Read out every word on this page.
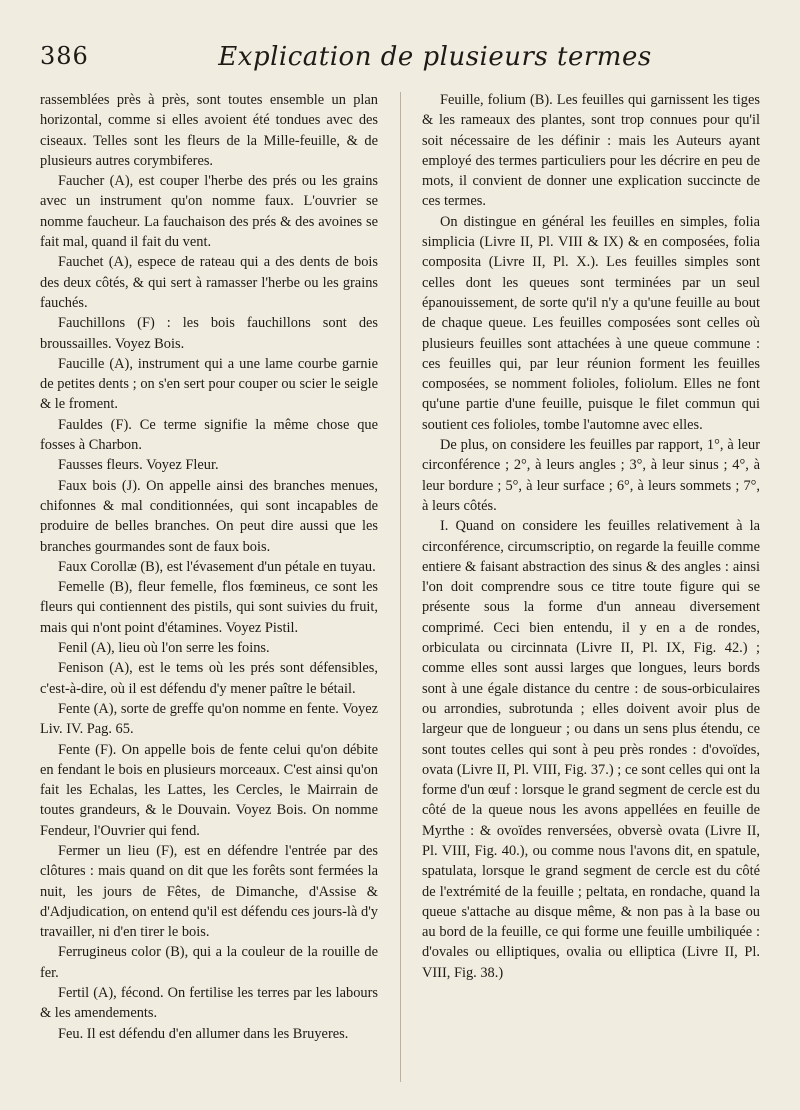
386	Explication de plusieurs termes

rassemblées près à près, sont toutes ensemble un plan horizontal, comme si elles avoient été tondues avec des ciseaux. Telles sont les fleurs de la Mille-feuille, & de plusieurs autres corymbiferes.

Faucher (A), est couper l'herbe des prés ou les grains avec un instrument qu'on nomme faux. L'ouvrier se nomme faucheur. La fauchaison des prés & des avoines se fait mal, quand il fait du vent.

Fauchet (A), espece de rateau qui a des dents de bois des deux côtés, & qui sert à ramasser l'herbe ou les grains fauchés.

Fauchillons (F) : les bois fauchillons sont des broussailles. Voyez Bois.

Faucille (A), instrument qui a une lame courbe garnie de petites dents ; on s'en sert pour couper ou scier le seigle & le froment.

Fauldes (F). Ce terme signifie la même chose que fosses à Charbon.

Fausses fleurs. Voyez Fleur.

Faux bois (J). On appelle ainsi des branches menues, chifonnes & mal conditionnées, qui sont incapables de produire de belles branches. On peut dire aussi que les branches gourmandes sont de faux bois.

Faux Corollæ (B), est l'évasement d'un pétale en tuyau.

Femelle (B), fleur femelle, flos fœmineus, ce sont les fleurs qui contiennent des pistils, qui sont suivies du fruit, mais qui n'ont point d'étamines. Voyez Pistil.

Fenil (A), lieu où l'on serre les foins.

Fenison (A), est le tems où les prés sont défensibles, c'est-à-dire, où il est défendu d'y mener paître le bétail.

Fente (A), sorte de greffe qu'on nomme en fente. Voyez Liv. IV. Pag. 65.

Fente (F). On appelle bois de fente celui qu'on débite en fendant le bois en plusieurs morceaux. C'est ainsi qu'on fait les Echalas, les Lattes, les Cercles, le Mairrain de toutes grandeurs, & le Douvain. Voyez Bois. On nomme Fendeur, l'Ouvrier qui fend.

Fermer un lieu (F), est en défendre l'entrée par des clôtures : mais quand on dit que les forêts sont fermées la nuit, les jours de Fêtes, de Dimanche, d'Assise & d'Adjudication, on entend qu'il est défendu ces jours-là d'y travailler, ni d'en tirer le bois.

Ferrugineus color (B), qui a la couleur de la rouille de fer.

Fertil (A), fécond. On fertilise les terres par les labours & les amendements.

Feu. Il est défendu d'en allumer dans les Bruyeres.

Feuille, folium (B). Les feuilles qui garnissent les tiges & les rameaux des plantes, sont trop connues pour qu'il soit nécessaire de les définir : mais les Auteurs ayant employé des termes particuliers pour les décrire en peu de mots, il convient de donner une explication succincte de ces termes.

On distingue en général les feuilles en simples, folia simplicia (Livre II, Pl. VIII & IX) & en composées, folia composita (Livre II, Pl. X.). Les feuilles simples sont celles dont les queues sont terminées par un seul épanouissement, de sorte qu'il n'y a qu'une feuille au bout de chaque queue. Les feuilles composées sont celles où plusieurs feuilles sont attachées à une queue commune : ces feuilles qui, par leur réunion forment les feuilles composées, se nomment folioles, foliolum. Elles ne font qu'une partie d'une feuille, puisque le filet commun qui soutient ces folioles, tombe l'automne avec elles.

De plus, on considere les feuilles par rapport, 1°, à leur circonférence ; 2°, à leurs angles ; 3°, à leur sinus ; 4°, à leur bordure ; 5°, à leur surface ; 6°, à leurs sommets ; 7°, à leurs côtés.

I. Quand on considere les feuilles relativement à la circonférence, circumscriptio, on regarde la feuille comme entiere & faisant abstraction des sinus & des angles : ainsi l'on doit comprendre sous ce titre toute figure qui se présente sous la forme d'un anneau diversement comprimé. Ceci bien entendu, il y en a de rondes, orbiculata ou circinnata (Livre II, Pl. IX, Fig. 42.) ; comme elles sont aussi larges que longues, leurs bords sont à une égale distance du centre : de sous-orbiculaires ou arrondies, subrotunda ; elles doivent avoir plus de largeur que de longueur ; ou dans un sens plus étendu, ce sont toutes celles qui sont à peu près rondes : d'ovoïdes, ovata (Livre II, Pl. VIII, Fig. 37.) ; ce sont celles qui ont la forme d'un œuf : lorsque le grand segment de cercle est du côté de la queue nous les avons appellées en feuille de Myrthe : & ovoïdes renversées, obversè ovata (Livre II, Pl. VIII, Fig. 40.), ou comme nous l'avons dit, en spatule, spatulata, lorsque le grand segment de cercle est du côté de l'extrémité de la feuille ; peltata, en rondache, quand la queue s'attache au disque même, & non pas à la base ou au bord de la feuille, ce qui forme une feuille umbiliquée : d'ovales ou elliptiques, ovalia ou elliptica (Livre II, Pl. VIII, Fig. 38.)
